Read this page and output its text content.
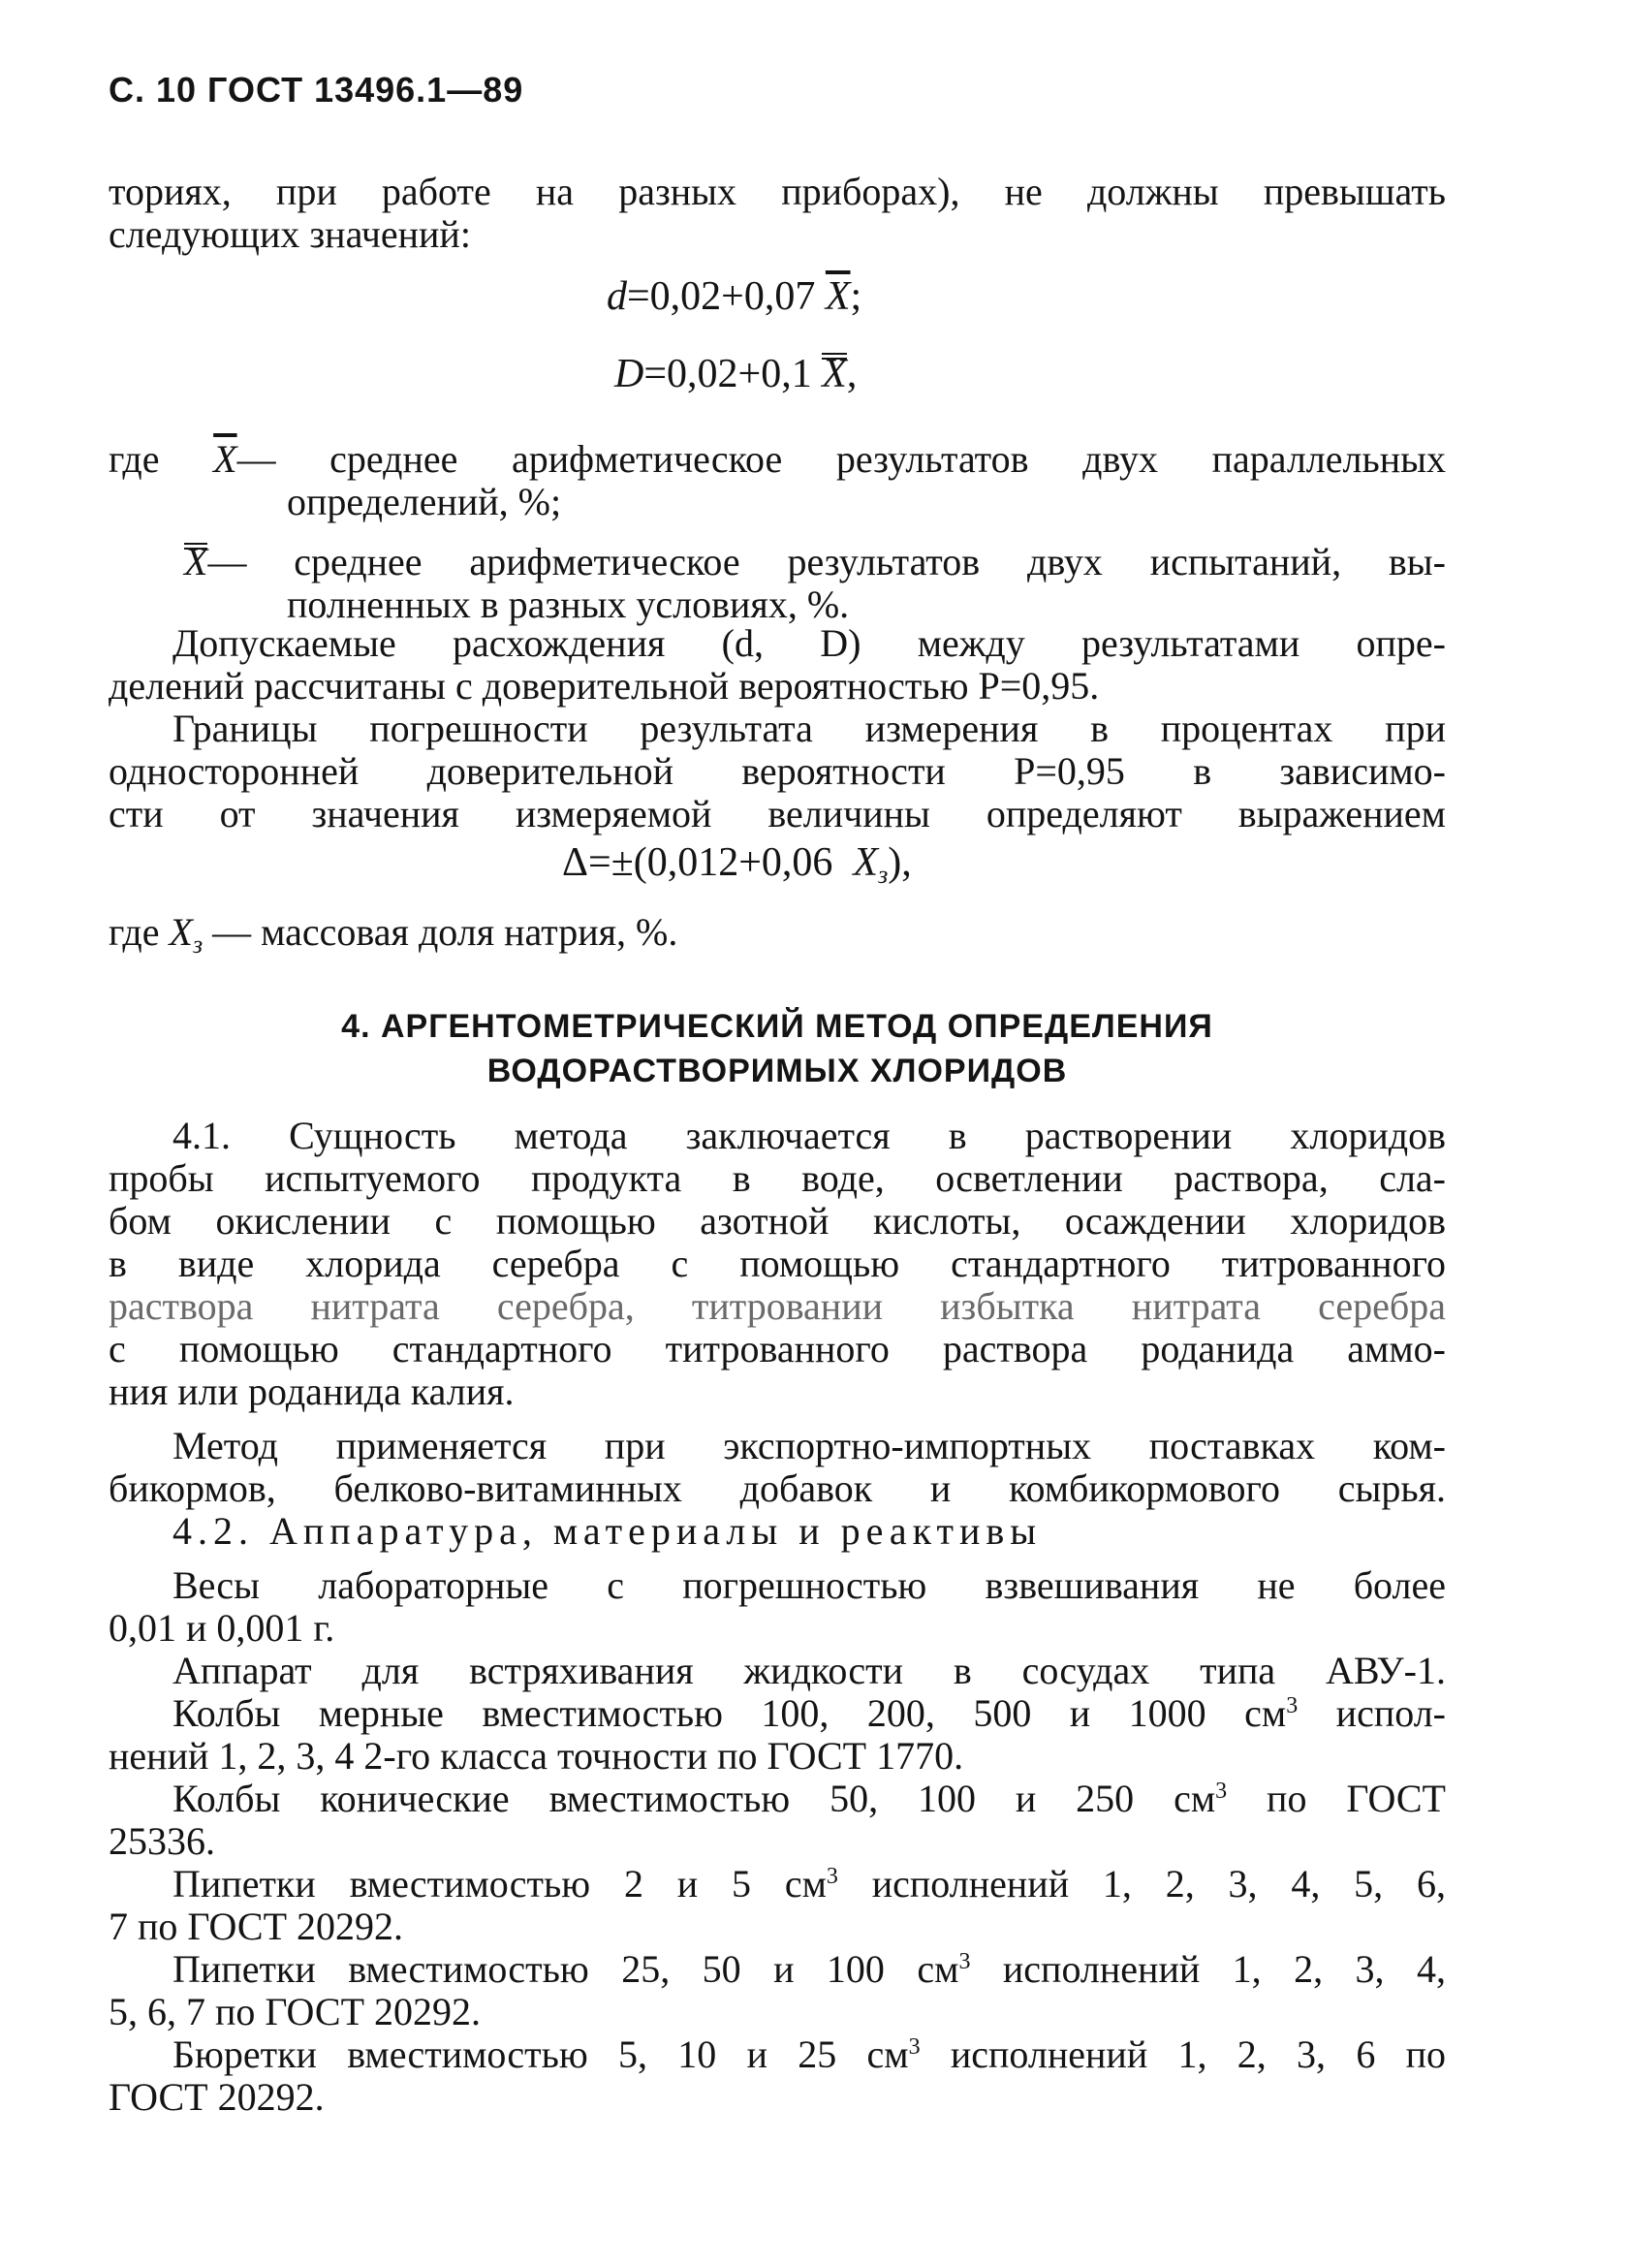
С. 10 ГОСТ 13496.1—89
ториях, при работе на разных приборах), не должны превышать
следующих значений:
d=0,02+0,07 $\overline{X}$;
D=0,02+0,1 X,
где $\overline{X}—$ среднее арифметическое результатов двух параллельных
определений, %;
X— среднее арифметическое результатов двух испытаний, вы-
полненных в разных условиях, %.
Допускаемые расхождения (d, D) между результатами опре-
делений рассчитаны с доверительной вероятностью P=0,95.
Границы погрешности результата измерения в процентах при
односторонней доверительной вероятности P=0,95 в зависимо-
сти от значения измеряемой величины определяют выражением
Δ=±(0,012+0,06 $X_з$),
где $X_з$ — массовая доля натрия, %.
4. АРГЕНТОМЕТРИЧЕСКИЙ МЕТОД ОПРЕДЕЛЕНИЯ
ВОДОРАСТВОРИМЫХ ХЛОРИДОВ
4.1. Сущность метода заключается в растворении хлоридов
пробы испытуемого продукта в воде, осветлении раствора, сла-
бом окислении с помощью азотной кислоты, осаждении хлоридов
в виде хлорида серебра с помощью стандартного титрованного
раствора нитрата серебра, титровании избытка нитрата серебра
с помощью стандартного титрованного раствора роданида аммо-
ния или роданида калия.
Метод применяется при экспортно-импортных поставках ком-
бикормов, белково-витаминных добавок и комбикормового сырья.
4.2. Аппаратура, материалы и реактивы
Весы лабораторные с погрешностью взвешивания не более
0,01 и 0,001 г.
Аппарат для встряхивания жидкости в сосудах типа АВУ-1.
Колбы мерные вместимостью 100, 200, 500 и 1000 $см^3$ испол-
нений 1, 2, 3, 4 2-го класса точности по ГОСТ 1770.
Колбы конические вместимостью 50, 100 и 250 $см^3$ по ГОСТ
25336.
Пипетки вместимостью 2 и 5 $см^3$ исполнений 1, 2, 3, 4, 5, 6,
7 по ГОСТ 20292.
Пипетки вместимостью 25, 50 и 100 $см^3$ исполнений 1, 2, 3, 4,
5, 6, 7 по ГОСТ 20292.
Бюретки вместимостью 5, 10 и 25 $см^3$ исполнений 1, 2, 3, 6 по
ГОСТ 20292.
